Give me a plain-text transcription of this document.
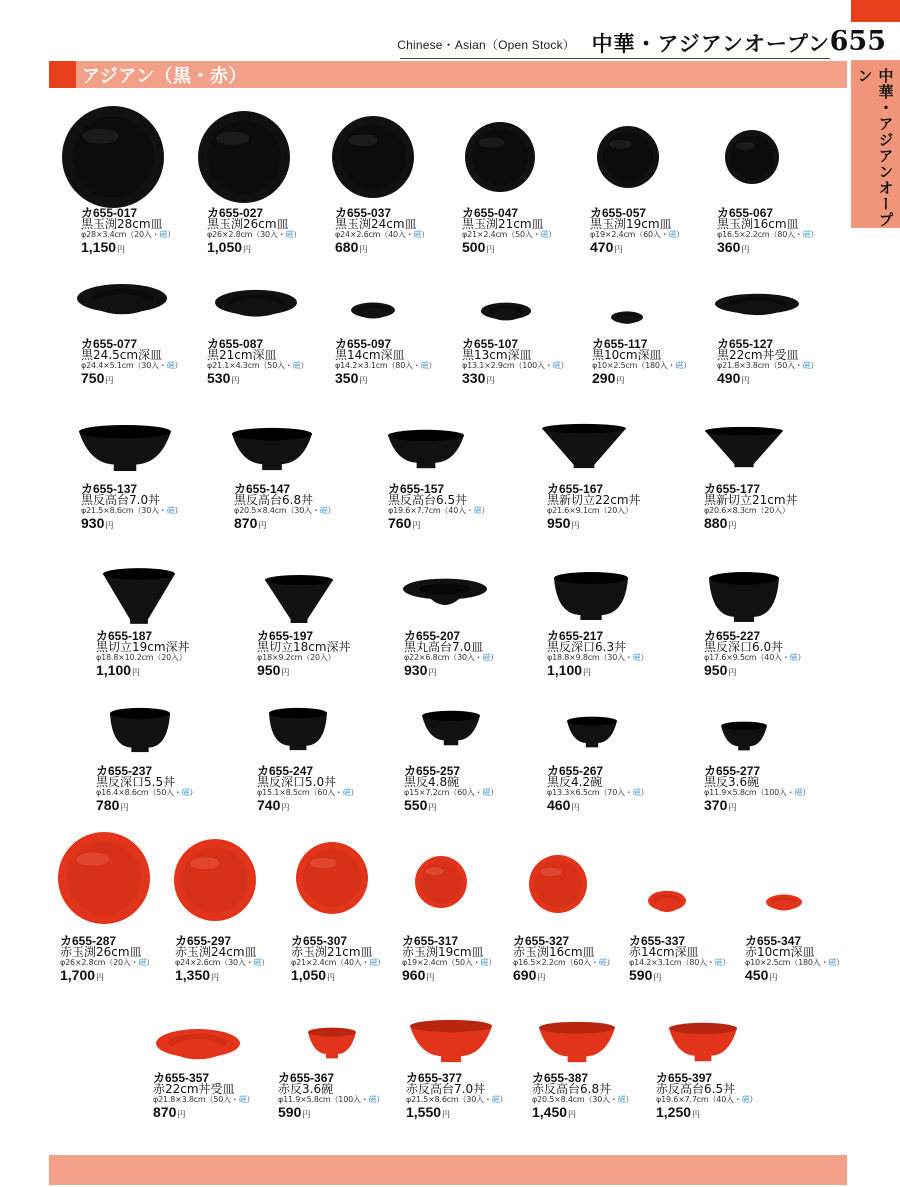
Chinese・Asian（Open Stock） 中華・アジアンオープン 655
中華・アジアンオープン
アジアン（黒・赤）
カ655-017
黒玉渕28cm皿
φ28×3.4cm（20入・磁）
1,150円
カ655-027
黒玉渕26cm皿
φ26×2.8cm（30入・磁）
1,050円
カ655-037
黒玉渕24cm皿
φ24×2.6cm（40入・磁）
680円
カ655-047
黒玉渕21cm皿
φ21×2.4cm（50入・磁）
500円
カ655-057
黒玉渕19cm皿
φ19×2.4cm（60入・磁）
470円
カ655-067
黒玉渕16cm皿
φ16.5×2.2cm（80入・磁）
360円
カ655-077
黒24.5cm深皿
φ24.4×5.1cm（30入・磁）
750円
カ655-087
黒21cm深皿
φ21.1×4.3cm（50入・磁）
530円
カ655-097
黒14cm深皿
φ14.2×3.1cm（80入・磁）
350円
カ655-107
黒13cm深皿
φ13.1×2.9cm（100入・磁）
330円
カ655-117
黒10cm深皿
φ10×2.5cm（180入・磁）
290円
カ655-127
黒22cm丼受皿
φ21.8×3.8cm（50入・磁）
490円
カ655-137
黒反高台7.0丼
φ21.5×8.6cm（30入・磁）
930円
カ655-147
黒反高台6.8丼
φ20.5×8.4cm（30入・磁）
870円
カ655-157
黒反高台6.5丼
φ19.6×7.7cm（40入・磁）
760円
カ655-167
黒新切立22cm丼
φ21.6×9.1cm（20入）
950円
カ655-177
黒新切立21cm丼
φ20.6×8.3cm（20入）
880円
カ655-187
黒切立19cm深丼
φ18.8×10.2cm（20入）
1,100円
カ655-197
黒切立18cm深丼
φ18×9.2cm（20入）
950円
カ655-207
黒丸高台7.0皿
φ22×6.8cm（30入・磁）
930円
カ655-217
黒反深口6.3丼
φ18.8×9.8cm（30入・磁）
1,100円
カ655-227
黒反深口6.0丼
φ17.6×9.5cm（40入・磁）
950円
カ655-237
黒反深口5.5丼
φ16.4×8.6cm（50入・磁）
780円
カ655-247
黒反深口5.0丼
φ15.1×8.5cm（60入・磁）
740円
カ655-257
黒反4.8碗
φ15×7.2cm（60入・磁）
550円
カ655-267
黒反4.2碗
φ13.3×6.5cm（70入・磁）
460円
カ655-277
黒反3.6碗
φ11.9×5.8cm（100入・磁）
370円
カ655-287
赤玉渕26cm皿
φ26×2.8cm（20入・磁）
1,700円
カ655-297
赤玉渕24cm皿
φ24×2.6cm（30入・磁）
1,350円
カ655-307
赤玉渕21cm皿
φ21×2.4cm（40入・磁）
1,050円
カ655-317
赤玉渕19cm皿
φ19×2.4cm（50入・磁）
960円
カ655-327
赤玉渕16cm皿
φ16.5×2.2cm（60入・磁）
690円
カ655-337
赤14cm深皿
φ14.2×3.1cm（80入・磁）
590円
カ655-347
赤10cm深皿
φ10×2.5cm（180入・磁）
450円
カ655-357
赤22cm丼受皿
φ21.8×3.8cm（50入・磁）
870円
カ655-367
赤反3.6碗
φ11.9×5.8cm（100入・磁）
590円
カ655-377
赤反高台7.0丼
φ21.5×8.6cm（30入・磁）
1,550円
カ655-387
赤反高台6.8丼
φ20.5×8.4cm（30入・磁）
1,450円
カ655-397
赤反高台6.5丼
φ19.6×7.7cm（40入・磁）
1,250円
